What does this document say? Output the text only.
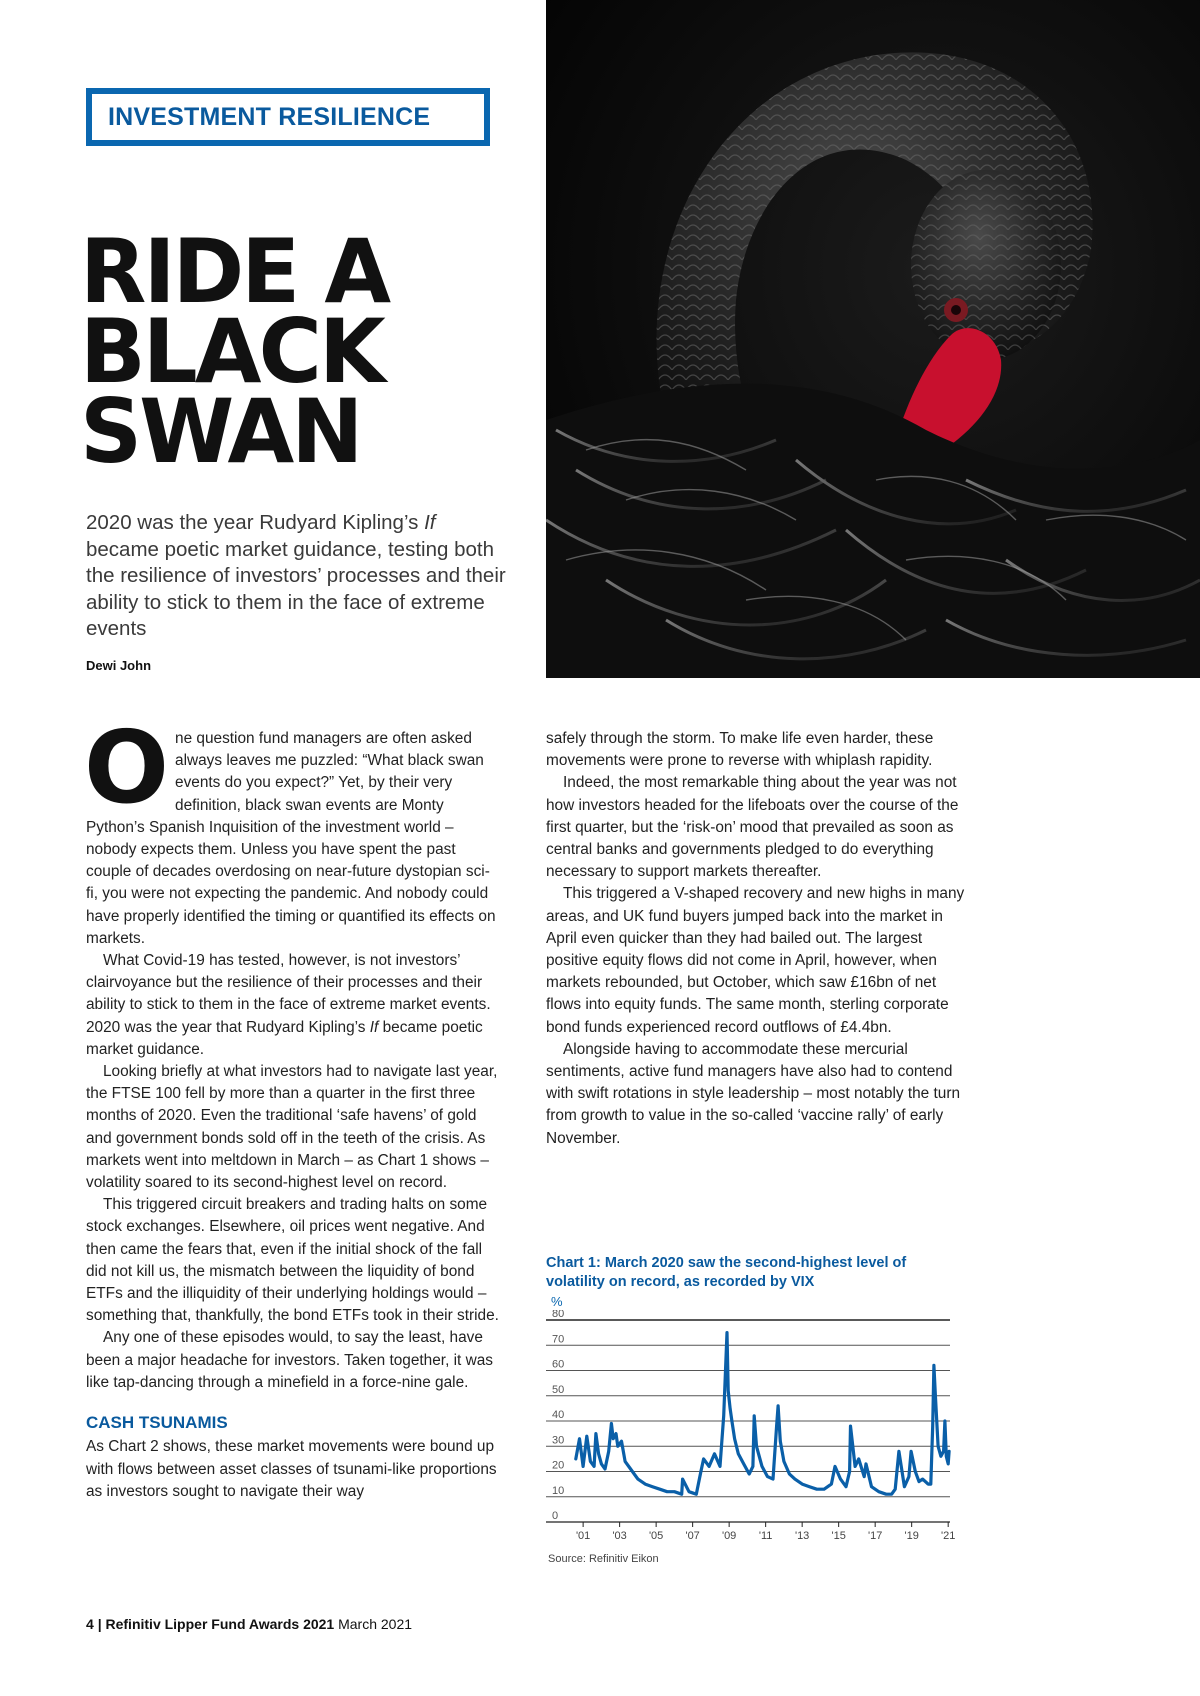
INVESTMENT RESILIENCE
RIDE A
BLACK
SWAN
2020 was the year Rudyard Kipling’s If became poetic market guidance, testing both the resilience of investors’ processes and their ability to stick to them in the face of extreme events
Dewi John

One question fund managers are often asked always leaves me puzzled: “What black swan events do you expect?” Yet, by their very definition, black swan events are Monty Python’s Spanish Inquisition of the investment world – nobody expects them. Unless you have spent the past couple of decades overdosing on near-future dystopian sci-fi, you were not expecting the pandemic. And nobody could have properly identified the timing or quantified its effects on markets.

What Covid-19 has tested, however, is not investors’ clairvoyance but the resilience of their processes and their ability to stick to them in the face of extreme market events. 2020 was the year that Rudyard Kipling’s If became poetic market guidance.

Looking briefly at what investors had to navigate last year, the FTSE 100 fell by more than a quarter in the first three months of 2020. Even the traditional ‘safe havens’ of gold and government bonds sold off in the teeth of the crisis. As markets went into meltdown in March – as Chart 1 shows – volatility soared to its second-highest level on record.

This triggered circuit breakers and trading halts on some stock exchanges. Elsewhere, oil prices went negative. And then came the fears that, even if the initial shock of the fall did not kill us, the mismatch between the liquidity of bond ETFs and the illiquidity of their underlying holdings would – something that, thankfully, the bond ETFs took in their stride.

Any one of these episodes would, to say the least, have been a major headache for investors. Taken together, it was like tap-dancing through a minefield in a force-nine gale.

CASH TSUNAMIS

As Chart 2 shows, these market movements were bound up with flows between asset classes of tsunami-like proportions as investors sought to navigate their way

safely through the storm. To make life even harder, these movements were prone to reverse with whiplash rapidity.

Indeed, the most remarkable thing about the year was not how investors headed for the lifeboats over the course of the first quarter, but the ‘risk-on’ mood that prevailed as soon as central banks and governments pledged to do everything necessary to support markets thereafter.

This triggered a V-shaped recovery and new highs in many areas, and UK fund buyers jumped back into the market in April even quicker than they had bailed out. The largest positive equity flows did not come in April, however, when markets rebounded, but October, which saw £16bn of net flows into equity funds. The same month, sterling corporate bond funds experienced record outflows of £4.4bn.

Alongside having to accommodate these mercurial sentiments, active fund managers have also had to contend with swift rotations in style leadership – most notably the turn from growth to value in the so-called ‘vaccine rally’ of early November.

Chart 1: March 2020 saw the second-highest level of volatility on record, as recorded by VIX
%
0
10
20
30
40
50
60
70
80
'01 '03 '05 '07 '09 '11 '13 '15 '17 '19 '21
Source: Refinitiv Eikon
4 | Refinitiv Lipper Fund Awards 2021 March 2021
